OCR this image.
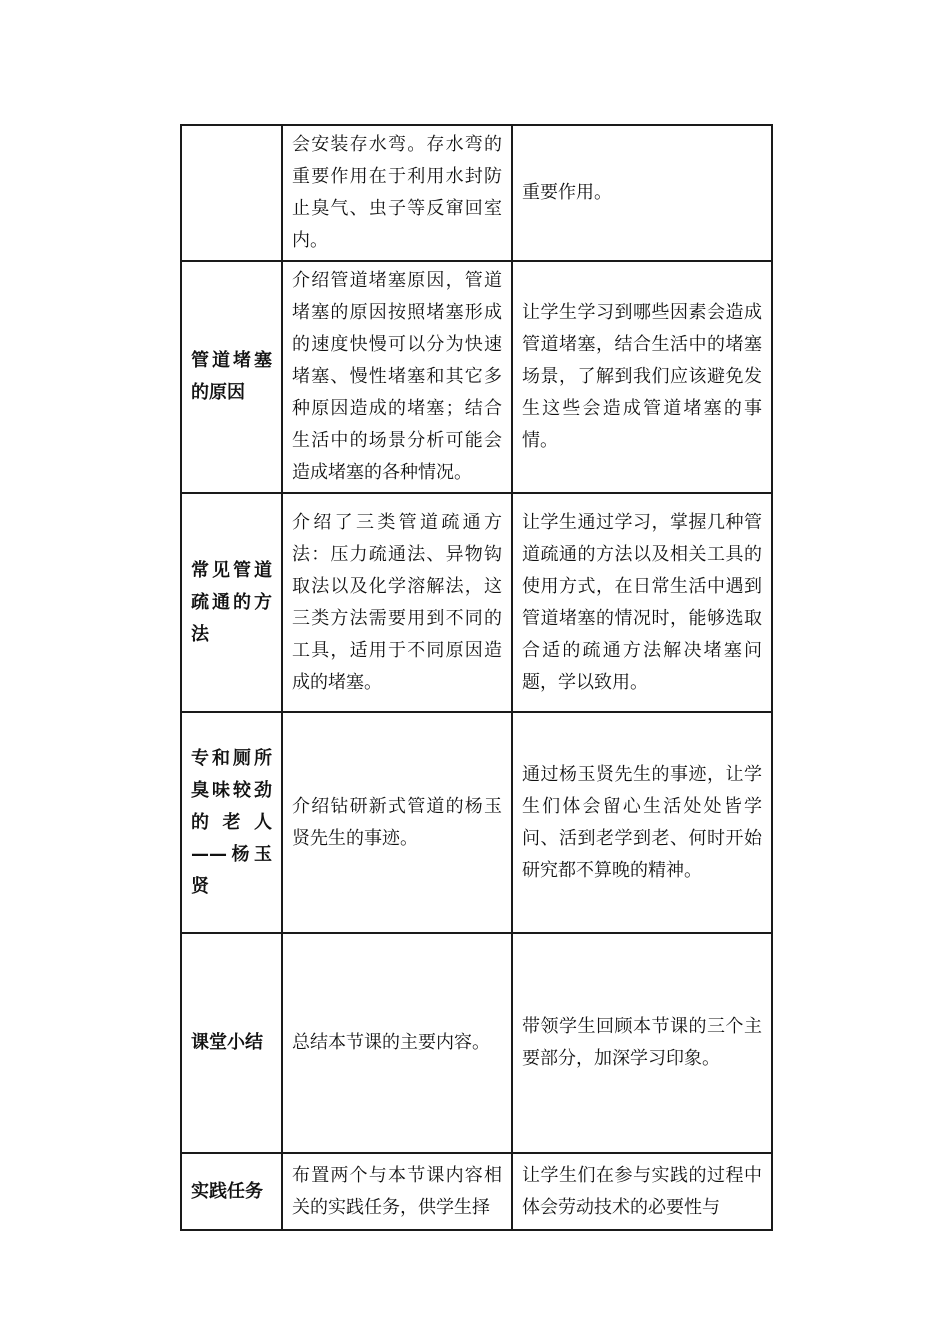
	会安装存水弯。存水弯的重要作用在于利用水封防止臭气、虫子等反窜回室内。	重要作用。
管道堵塞的原因	介绍管道堵塞原因，管道堵塞的原因按照堵塞形成的速度快慢可以分为快速堵塞、慢性堵塞和其它多种原因造成的堵塞；结合生活中的场景分析可能会造成堵塞的各种情况。	让学生学习到哪些因素会造成管道堵塞，结合生活中的堵塞场景，了解到我们应该避免发生这些会造成管道堵塞的事情。
常见管道疏通的方法	介绍了三类管道疏通方法：压力疏通法、异物钩取法以及化学溶解法，这三类方法需要用到不同的工具，适用于不同原因造成的堵塞。	让学生通过学习，掌握几种管道疏通的方法以及相关工具的使用方式，在日常生活中遇到管道堵塞的情况时，能够选取合适的疏通方法解决堵塞问题，学以致用。
专和厕所臭味较劲的老人——杨玉贤	介绍钻研新式管道的杨玉贤先生的事迹。	通过杨玉贤先生的事迹，让学生们体会留心生活处处皆学问、活到老学到老、何时开始研究都不算晚的精神。
课堂小结	总结本节课的主要内容。	带领学生回顾本节课的三个主要部分，加深学习印象。
实践任务	布置两个与本节课内容相关的实践任务，供学生择	让学生们在参与实践的过程中体会劳动技术的必要性与
